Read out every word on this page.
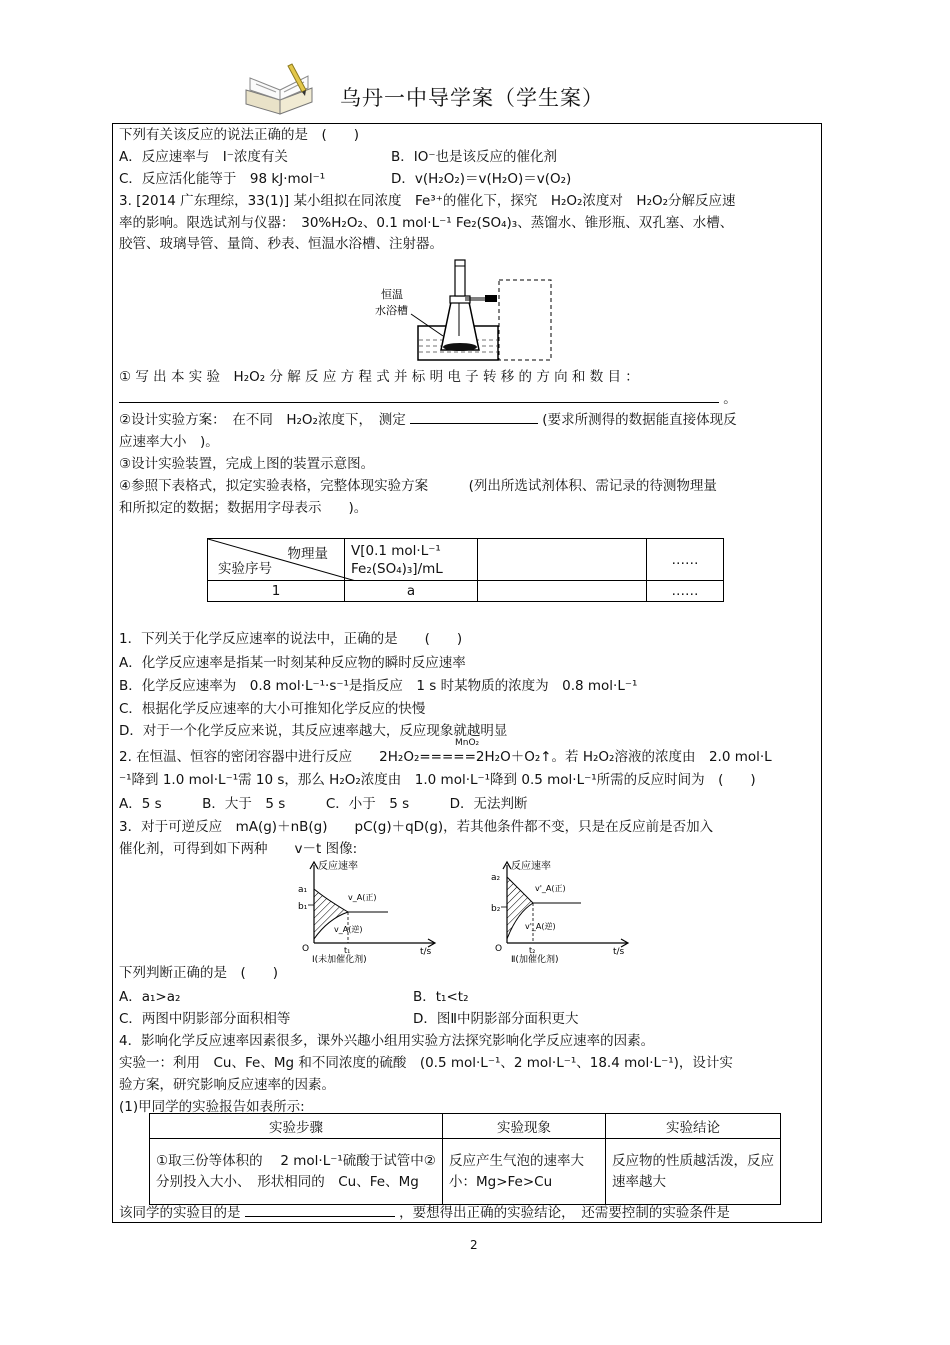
乌丹一中导学案（学生案）
下列有关该反应的说法正确的是　(　　)
A．反应速率与　I⁻浓度有关	B．IO⁻也是该反应的催化剂
C．反应活化能等于　98 kJ·mol⁻¹	D．v(H₂O₂)＝v(H₂O)＝v(O₂)
3. [2014 广东理综，33(1)] 某小组拟在同浓度　Fe³⁺的催化下，探究　H₂O₂浓度对　H₂O₂分解反应速
率的影响。限选试剂与仪器：　30%H₂O₂、0.1 mol·L⁻¹ Fe₂(SO₄)₃、蒸馏水、锥形瓶、双孔塞、水槽、
胶管、玻璃导管、量筒、秒表、恒温水浴槽、注射器。
恒温
水浴槽
① 写 出 本 实 验　H₂O₂ 分 解 反 应 方 程 式 并 标 明 电 子 转 移 的 方 向 和 数 目 ：
。
②设计实验方案：　在不同　H₂O₂浓度下，　测定	(要求所测得的数据能直接体现反
应速率大小　)。
③设计实验装置，完成上图的装置示意图。
④参照下表格式，拟定实验表格，完整体现实验方案　　　(列出所选试剂体积、需记录的待测物理量
和所拟定的数据；数据用字母表示　　)。
物理量
实验序号	V[0.1 mol·L⁻¹ Fe₂(SO₄)₃]/mL		……
1	a		……
1．下列关于化学反应速率的说法中，正确的是　　(　　)
A．化学反应速率是指某一时刻某种反应物的瞬时反应速率
B．化学反应速率为　0.8 mol·L⁻¹·s⁻¹是指反应　1 s 时某物质的浓度为　0.8 mol·L⁻¹
C．根据化学反应速率的大小可推知化学反应的快慢
D．对于一个化学反应来说，其反应速率越大，反应现象就越明显
MnO₂
2. 在恒温、恒容的密闭容器中进行反应　　2H₂O₂=====2H₂O＋O₂↑。若 H₂O₂溶液的浓度由　2.0 mol·L
⁻¹降到 1.0 mol·L⁻¹需 10 s，那么 H₂O₂浓度由　1.0 mol·L⁻¹降到 0.5 mol·L⁻¹所需的反应时间为　(　　)
A．5 s　　　B．大于　5 s　　　C．小于　5 s　　　D．无法判断
3．对于可逆反应　mA(g)＋nB(g)　　pC(g)＋qD(g)，若其他条件都不变，只是在反应前是否加入
催化剂，可得到如下两种　　v－t 图像:
反应速率
a₁
b₁
v_A(正)
v_A(逆)
O	t₁	t/s
Ⅰ(未加催化剂)
反应速率
a₂
b₂
v'_A(正)
v'_A(逆)
O	t₂	t/s
Ⅱ(加催化剂)
下列判断正确的是　(　　)
A．a₁>a₂	B．t₁<t₂
C．两图中阴影部分面积相等	D．图Ⅱ中阴影部分面积更大
4．影响化学反应速率因素很多，课外兴趣小组用实验方法探究影响化学反应速率的因素。
实验一：利用　Cu、Fe、Mg 和不同浓度的硫酸　(0.5 mol·L⁻¹、2 mol·L⁻¹、18.4 mol·L⁻¹)，设计实
验方案，研究影响反应速率的因素。
(1)甲同学的实验报告如表所示:
实验步骤	实验现象	实验结论
①取三份等体积的　 2 mol·L⁻¹硫酸于试管中②分别投入大小、　形状相同的　Cu、Fe、Mg	反应产生气泡的速率大小：Mg>Fe>Cu	反应物的性质越活泼，反应速率越大
该同学的实验目的是	，要想得出正确的实验结论，　还需要控制的实验条件是
2
